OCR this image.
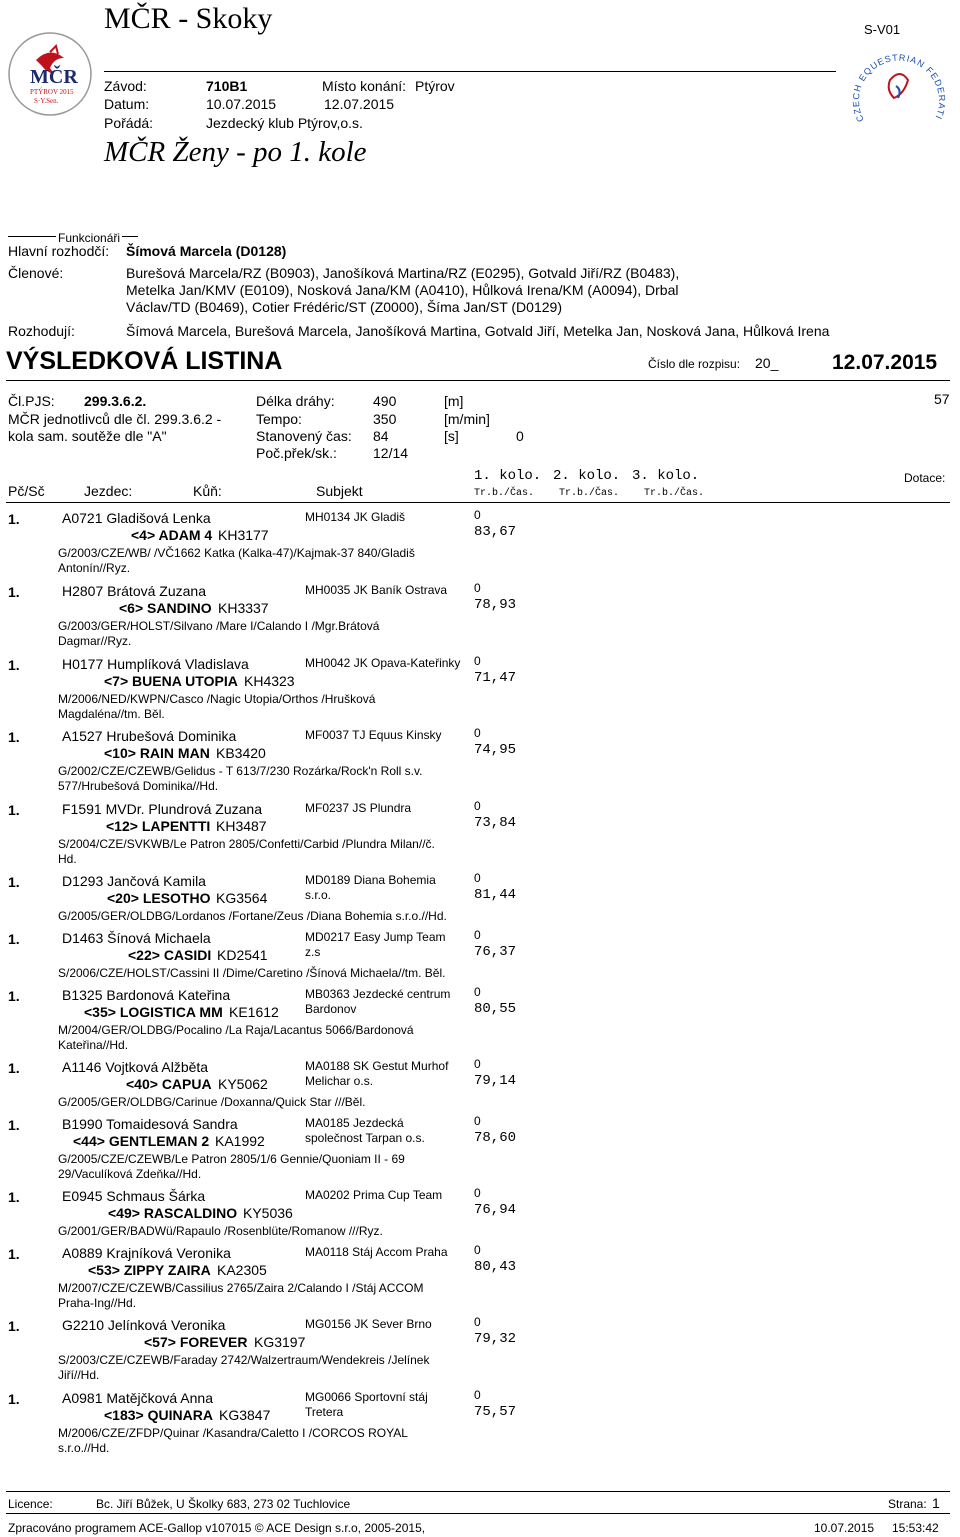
MČR - Skoky	S-V01
MČR
PTÝROV 2015
S·Y.Sen.
CZECH EQUESTRIAN FEDE ATI
Závod:	710B1	Místo konání: Ptýrov
Datum:	10.07.2015	12.07.2015
Pořádá:	Jezdecký klub Ptýrov,o.s.
MČR Ženy - po 1. kole
Funkcionáři
Hlavní rozhodčí: Šímová Marcela (D0128)
Členové:	Burešová Marcela/RZ (B0903), Janošíková Martina/RZ (E0295), Gotvald Jiří/RZ (B0483),
Metelka Jan/KMV (E0109), Nosková Jana/KM (A0410), Hůlková Irena/KM (A0094), Drbal
Václav/TD (B0469), Cotier Frédéric/ST (Z0000), Šíma Jan/ST (D0129)
Rozhodují:	Šímová Marcela, Burešová Marcela, Janošíková Martina, Gotvald Jiří, Metelka Jan, Nosková Jana, Hůlková Irena
VÝSLEDKOVÁ LISTINA	Číslo dle rozpisu: 20_	12.07.2015
Čl.PJS: 299.3.6.2.
MČR jednotlivců dle čl. 299.3.6.2 -
kola sam. soutěže dle "A"
Délka dráhy:	490	[m]
Tempo:	350	[m/min]
Stanovený čas: 84	[s]	0
Poč.přek/sk.:	12/14
57
1. kolo. 2. kolo. 3. kolo.
Tr.b./Čas. Tr.b./Čas. Tr.b./Čas.
Dotace:
Pč/Sč	Jezdec:	Kůň:	Subjekt
1.	A0721 Gladišová Lenka
<4> ADAM 4 KH3177
MH0134 JK Gladiš	0
83,67
G/2003/CZE/WB/ /VČ1662 Katka (Kalka-47)/Kajmak-37 840/Gladiš
Antonín//Ryz.
1.	H2807 Brátová Zuzana
<6> SANDINO KH3337
MH0035 JK Baník Ostrava 0
78,93
G/2003/GER/HOLST/Silvano /Mare I/Calando I /Mgr.Brátová
Dagmar//Ryz.
1.	H0177 Humplíková Vladislava
<7> BUENA UTOPIA KH4323
MH0042 JK Opava-Kateřinky 0
71,47
M/2006/NED/KWPN/Casco /Nagic Utopia/Orthos /Hrušková
Magdaléna//tm. Běl.
1.	A1527 Hrubešová Dominika
<10> RAIN MAN KB3420
MF0037 TJ Equus Kinsky	0
74,95
G/2002/CZE/CZEWB/Gelidus - T 613/7/230 Rozárka/Rock'n Roll s.v.
577/Hrubešová Dominika//Hd.
1.	F1591 MVDr. Plundrová Zuzana
<12> LAPENTTI KH3487
MF0237 JS Plundra	0
73,84
S/2004/CZE/SVKWB/Le Patron 2805/Confetti/Carbid /Plundra Milan//č.
Hd.
1.	D1293 Jančová Kamila
<20> LESOTHO KG3564
MD0189 Diana Bohemia
s.r.o.
0
81,44
G/2005/GER/OLDBG/Lordanos /Fortane/Zeus /Diana Bohemia s.r.o.//Hd.
1.	D1463 Šínová Michaela
<22> CASIDI KD2541
MD0217 Easy Jump Team
z.s
0
76,37
S/2006/CZE/HOLST/Cassini II /Dime/Caretino /Šínová Michaela//tm. Běl.
1.	B1325 Bardonová Kateřina
<35> LOGISTICA MM KE1612
MB0363 Jezdecké centrum
Bardonov
0
80,55
M/2004/GER/OLDBG/Pocalino /La Raja/Lacantus 5066/Bardonová
Kateřina//Hd.
1.	A1146 Vojtková Alžběta
<40> CAPUA KY5062
MA0188 SK Gestut Murhof
Melichar o.s.
0
79,14
G/2005/GER/OLDBG/Carinue /Doxanna/Quick Star ///Běl.
1.	B1990 Tomaidesová Sandra
<44> GENTLEMAN 2 KA1992
MA0185 Jezdecká
společnost Tarpan o.s.
0
78,60
G/2005/CZE/CZEWB/Le Patron 2805/1/6 Gennie/Quoniam II - 69
29/Vaculíková Zdeňka//Hd.
1.	E0945 Schmaus Šárka
<49> RASCALDINO KY5036
MA0202 Prima Cup Team	0
76,94
G/2001/GER/BADWü/Rapaulo /Rosenblüte/Romanow ///Ryz.
1.	A0889 Krajníková Veronika
<53> ZIPPY ZAIRA KA2305
MA0118 Stáj Accom Praha 0
80,43
M/2007/CZE/CZEWB/Cassilius 2765/Zaira 2/Calando I /Stáj ACCOM
Praha-Ing//Hd.
1.	G2210 Jelínková Veronika
<57> FOREVER KG3197
MG0156 JK Sever Brno	0
79,32
S/2003/CZE/CZEWB/Faraday 2742/Walzertraum/Wendekreis /Jelínek
Jiří//Hd.
1.	A0981 Matějčková Anna
<183> QUINARA KG3847
MG0066 Sportovní stáj
Tretera
0
75,57
M/2006/CZE/ZFDP/Quinar /Kasandra/Caletto I /CORCOS ROYAL
s.r.o.//Hd.
Licence:	Bc. Jiří Bůžek, U Školky 683, 273 02 Tuchlovice	Strana: 1
Zpracováno programem ACE-Gallop v107015 © ACE Design s.r.o, 2005-2015,	10.07.2015 15:53:42
